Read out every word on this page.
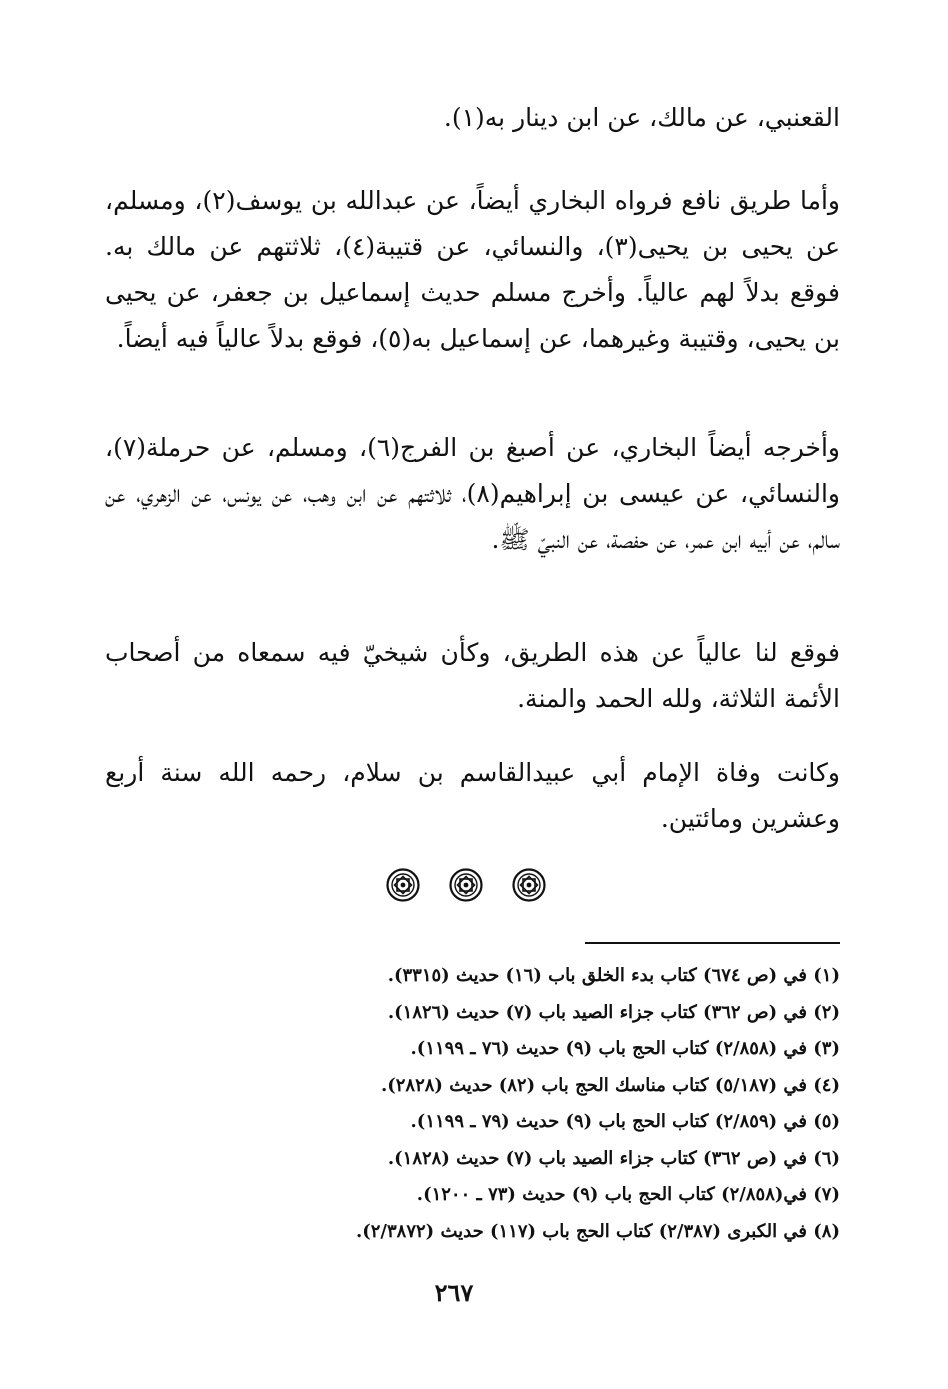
القعنبي، عن مالك، عن ابن دينار به(١).

وأما طريق نافع فرواه البخاري أيضاً، عن عبدالله بن يوسف(٢)، ومسلم، عن يحيى بن يحيى(٣)، والنسائي، عن قتيبة(٤)، ثلاثتهم عن مالك به. فوقع بدلاً لهم عالياً. وأخرج مسلم حديث إسماعيل بن جعفر، عن يحيى بن يحيى، وقتيبة وغيرهما، عن إسماعيل به(٥)، فوقع بدلاً عالياً فيه أيضاً.

وأخرجه أيضاً البخاري، عن أصبغ بن الفرج(٦)، ومسلم، عن حرملة(٧)، والنسائي، عن عيسى بن إبراهيم(٨)، ثلاثتهم عن ابن وهب، عن يونس، عن الزهري، عن سالم، عن أبيه ابن عمر، عن حفصة، عن النبيّ ﷺ.

فوقع لنا عالياً عن هذه الطريق، وكأن شيخيّ فيه سمعاه من أصحاب الأئمة الثلاثة، ولله الحمد والمنة.

وكانت وفاة الإمام أبي عبيدالقاسم بن سلام، رحمه الله سنة أربع وعشرين ومائتين.

(١) في (ص ٦٧٤) كتاب بدء الخلق باب (١٦) حديث (٣٣١٥).
(٢) في (ص ٣٦٢) كتاب جزاء الصيد باب (٧) حديث (١٨٢٦).
(٣) في (٢/٨٥٨) كتاب الحج باب (٩) حديث (٧٦ ـ ١١٩٩).
(٤) في (٥/١٨٧) كتاب مناسك الحج باب (٨٢) حديث (٢٨٢٨).
(٥) في (٢/٨٥٩) كتاب الحج باب (٩) حديث (٧٩ ـ ١١٩٩).
(٦) في (ص ٣٦٢) كتاب جزاء الصيد باب (٧) حديث (١٨٢٨).
(٧) في(٢/٨٥٨) كتاب الحج باب (٩) حديث (٧٣ ـ ١٢٠٠).
(٨) في الكبرى (٢/٣٨٧) كتاب الحج باب (١١٧) حديث (٢/٣٨٧٢).
٢٦٧
